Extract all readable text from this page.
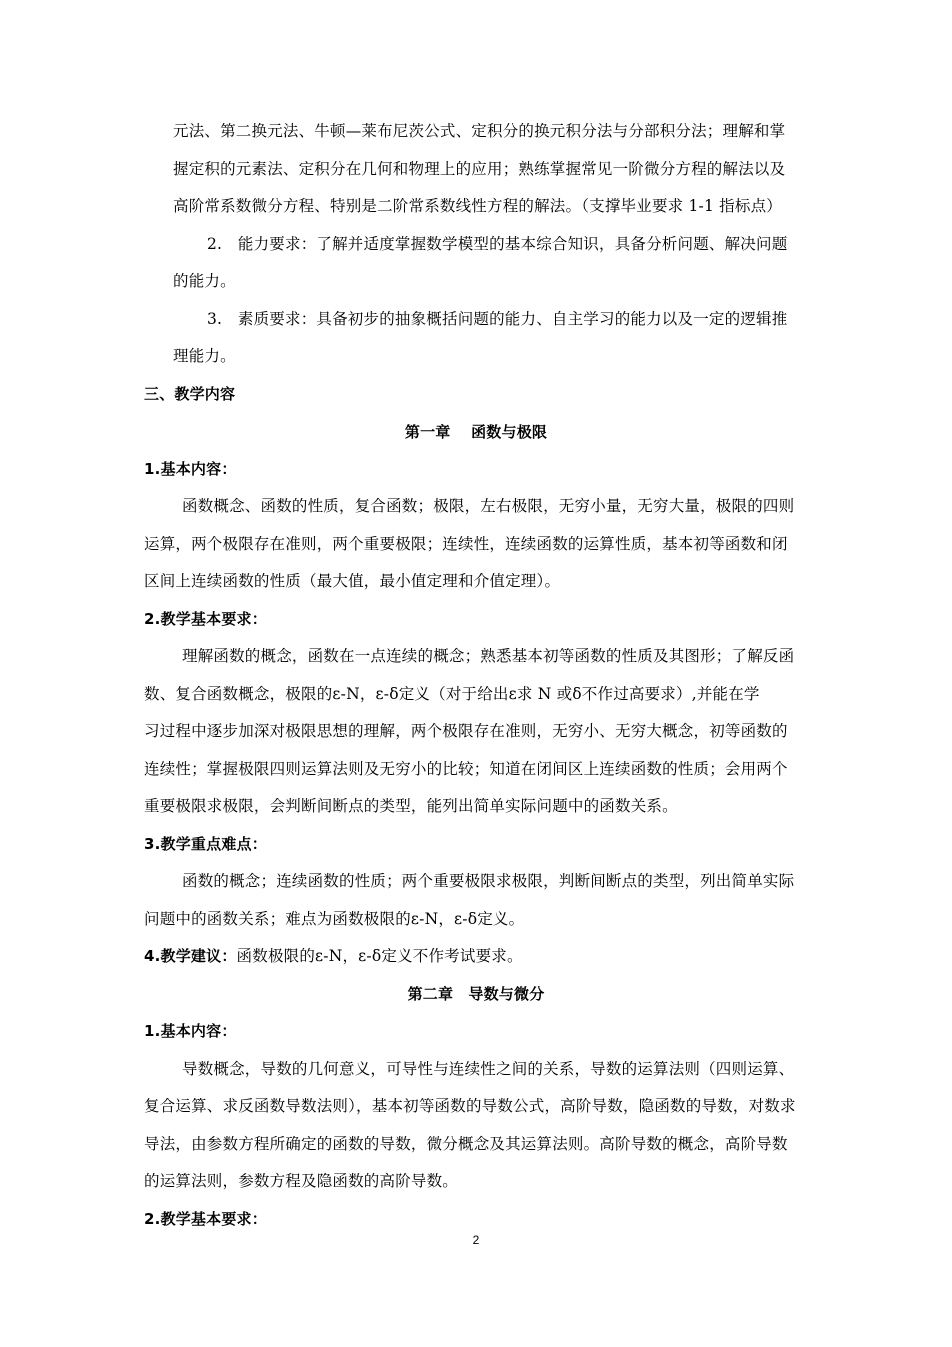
元法、第二换元法、牛顿—莱布尼茨公式、定积分的换元积分法与分部积分法；理解和掌
握定积的元素法、定积分在几何和物理上的应用；熟练掌握常见一阶微分方程的解法以及
高阶常系数微分方程、特别是二阶常系数线性方程的解法。（支撑毕业要求 1-1 指标点）
2.　能力要求：了解并适度掌握数学模型的基本综合知识，具备分析问题、解决问题
的能力。
3.　素质要求：具备初步的抽象概括问题的能力、自主学习的能力以及一定的逻辑推
理能力。
三、教学内容
第一章　 函数与极限
1.基本内容：
函数概念、函数的性质，复合函数；极限，左右极限，无穷小量，无穷大量，极限的四则
运算，两个极限存在准则，两个重要极限；连续性，连续函数的运算性质，基本初等函数和闭
区间上连续函数的性质（最大值，最小值定理和介值定理）。
2.教学基本要求：
理解函数的概念，函数在一点连续的概念；熟悉基本初等函数的性质及其图形；了解反函
数、复合函数概念，极限的ε-N，ε-δ定义（对于给出ε求 N 或δ不作过高要求）,并能在学
习过程中逐步加深对极限思想的理解，两个极限存在准则，无穷小、无穷大概念，初等函数的
连续性；掌握极限四则运算法则及无穷小的比较；知道在闭间区上连续函数的性质；会用两个
重要极限求极限，会判断间断点的类型，能列出简单实际问题中的函数关系。
3.教学重点难点：
函数的概念；连续函数的性质；两个重要极限求极限，判断间断点的类型，列出简单实际
问题中的函数关系；难点为函数极限的ε-N，ε-δ定义。
4.教学建议：函数极限的ε-N，ε-δ定义不作考试要求。
第二章　导数与微分
1.基本内容：
导数概念，导数的几何意义，可导性与连续性之间的关系，导数的运算法则（四则运算、
复合运算、求反函数导数法则），基本初等函数的导数公式，高阶导数，隐函数的导数，对数求
导法，由参数方程所确定的函数的导数，微分概念及其运算法则。高阶导数的概念，高阶导数
的运算法则，参数方程及隐函数的高阶导数。
2.教学基本要求：
2
